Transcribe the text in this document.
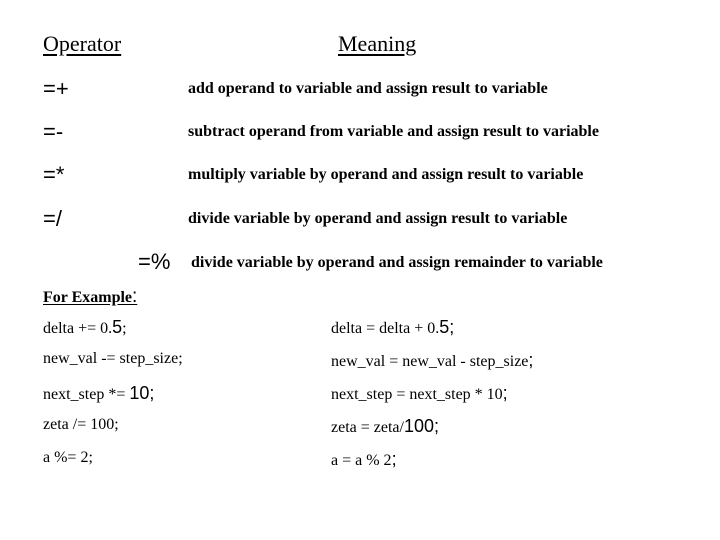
Operator	Meaning
=+	add operand to variable and assign result to variable
=-	subtract operand from variable and assign result to variable
=*	multiply variable by operand and assign result to variable
=/	divide variable by operand and assign result to variable
=% divide variable by operand and assign remainder to variable
For Example:
delta += 0.5;	delta = delta + 0.5;
new_val -= step_size;	new_val = new_val - step_size;
next_step *= 10;	next_step = next_step * 10;
zeta /= 100;	zeta = zeta/100;
a %= 2;	a = a % 2;
